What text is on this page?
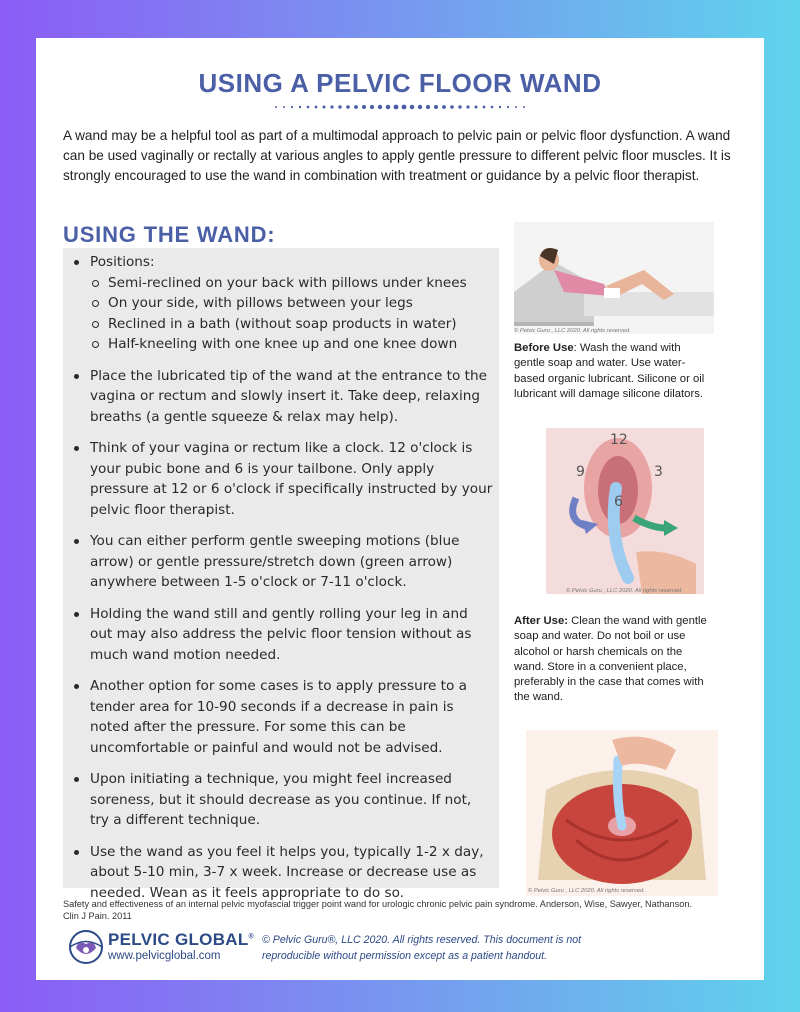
USING A PELVIC FLOOR WAND

A wand may be a helpful tool as part of a multimodal approach to pelvic pain or pelvic floor dysfunction. A wand can be used vaginally or rectally at various angles to apply gentle pressure to different pelvic floor muscles. It is strongly encouraged to use the wand in combination with treatment or guidance by a pelvic floor therapist.

USING THE WAND:
Positions:
Semi-reclined on your back with pillows under knees
On your side, with pillows between your legs
Reclined in a bath (without soap products in water)
Half-kneeling with one knee up and one knee down
Place the lubricated tip of the wand at the entrance to the vagina or rectum and slowly insert it. Take deep, relaxing breaths (a gentle squeeze & relax may help).
Think of your vagina or rectum like a clock. 12 o'clock is your pubic bone and 6 is your tailbone. Only apply pressure at 12 or 6 o'clock if specifically instructed by your pelvic floor therapist.
You can either perform gentle sweeping motions (blue arrow) or gentle pressure/stretch down (green arrow) anywhere between 1-5 o'clock or 7-11 o'clock.
Holding the wand still and gently rolling your leg in and out may also address the pelvic floor tension without as much wand motion needed.
Another option for some cases is to apply pressure to a tender area for 10-90 seconds if a decrease in pain is noted after the pressure. For some this can be uncomfortable or painful and would not be advised.
Upon initiating a technique, you might feel increased soreness, but it should decrease as you continue. If not, try a different technique.
Use the wand as you feel it helps you, typically 1-2 x day, about 5-10 min, 3-7 x week. Increase or decrease use as needed. Wean as it feels appropriate to do so.
© Pelvic Guru , LLC 2020. All rights reserved.
Before Use: Wash the wand with gentle soap and water. Use water-based organic lubricant. Silicone or oil lubricant will damage silicone dilators.
12
9	3
6
© Pelvic Guru , LLC 2020. All rights reserved.
After Use: Clean the wand with gentle soap and water. Do not boil or use alcohol or harsh chemicals on the wand. Store in a convenient place, preferably in the case that comes with the wand.
© Pelvic Guru , LLC 2020. All rights reserved.
Safety and effectiveness of an internal pelvic myofascial trigger point wand for urologic chronic pelvic pain syndrome. Anderson, Wise, Sawyer, Nathanson. Clin J Pain. 2011
PELVIC GLOBAL®
www.pelvicglobal.com
© Pelvic Guru®, LLC 2020. All rights reserved. This document is not reproducible without permission except as a patient handout.
